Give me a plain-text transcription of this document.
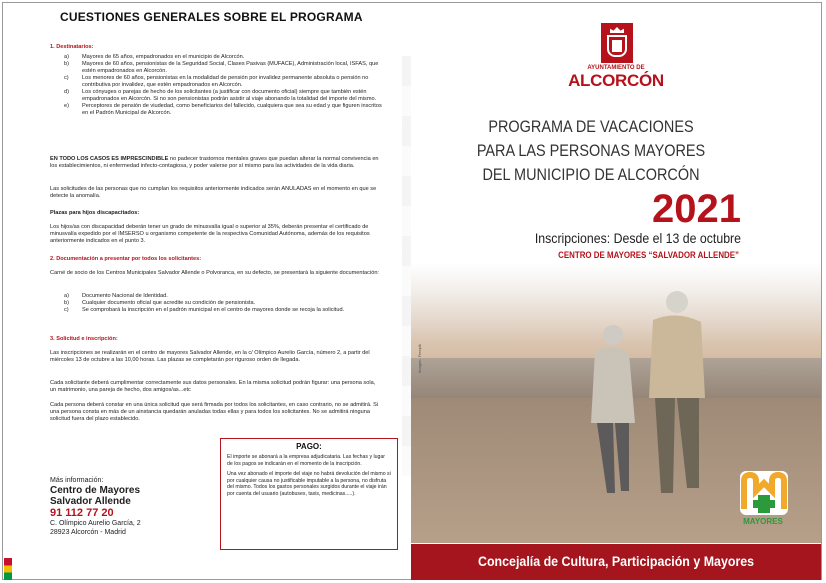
CUESTIONES GENERALES SOBRE EL PROGRAMA
1. Destinatarios:
a)	Mayores de 65 años, empadronados en el municipio de Alcorcón.
b)	Mayores de 60 años, pensionistas de la Seguridad Social, Clases Pasivas (MUFACE), Administración local, ISFAS, que estén empadronados en Alcorcón.
c)	Los menores de 60 años, pensionistas en la modalidad de pensión por invalidez permanente absoluta o pensión no contributiva por invalidez, que estén empadronados en Alcorcón.
d)	Los cónyuges o parejas de hecho de los solicitantes (a justificar con documento oficial) siempre que también estén empadronados en Alcorcón. Si no son pensionistas podrán asistir al viaje abonando la totalidad del importe del mismo.
e)	Perceptores de pensión de viudedad, como beneficiarios del fallecido, cualquiera que sea su edad y que figuren inscritos en el Padrón Municipal de Alcorcón.
EN TODO LOS CASOS ES IMPRESCINDIBLE no padecer trastornos mentales graves que puedan alterar la normal convivencia en los establecimientos, ni enfermedad infecto-contagiosa, y poder valerse por sí mismo para las actividades de la vida diaria.
Las solicitudes de las personas que no cumplan los requisitos anteriormente indicados serán ANULADAS en el momento en que se detecte la anomalía.
Plazas para hijos discapacitados:
Los hijos/as con discapacidad deberán tener un grado de minusvalía igual o superior al 35%, deberán presentar el certificado de minusvalía expedido por el IMSERSO u organismo competente de la respectiva Comunidad Autónoma, además de los requisitos anteriormente indicados en el punto 3.
2. Documentación a presentar por todos los solicitantes:
Carné de socio de los Centros Municipales Salvador Allende o Polvoranca, en su defecto, se presentará la siguiente documentación:
a)	Documento Nacional de Identidad.
b)	Cualquier documento oficial que acredite su condición de pensionista.
c)	Se comprobará la inscripción en el padrón municipal en el centro de mayores donde se recoja la solicitud.
3. Solicitud e inscripción:
Las inscripciones se realizarán en el centro de mayores Salvador Allende, en la c/ Olímpico Aurelio García, número 2, a partir del miércoles 13 de octubre a las 10,00 horas. Las plazas se completarán por riguroso orden de llegada.
Cada solicitante deberá cumplimentar correctamente sus datos personales. En la misma solicitud podrán figurar: una persona sola, un matrimonio, una pareja de hecho, dos amigos/as...etc
Cada persona deberá constar en una única solicitud que será firmada por todos los solicitantes, en caso contrario, no se admitirá. Si una persona consta en más de un ainstancia quedarán anuladas todas ellas y para todos los solicitantes. No se admitirá ninguna solicitud fuera del plazo establecido.
Más información:
Centro de Mayores
Salvador Allende
91 112 77 20
C. Olímpico Aurelio García, 2
28923 Alcorcón - Madrid
PAGO:

El importe se abonará a la empresa adjudicataria. Las fechas y lugar de los pagos se indicarán en el momento de la inscripción.

Una vez abonado el importe del viaje no habrá devolución del mismo si por cualquier causa no justificable imputable a la persona, no disfruta del mismo. Todos los gastos personales surgidos durante el viaje irán por cuenta del usuario (autobuses, taxis, medicinas.....).

Imagen: Freepik
AYUNTAMIENTO DE
ALCORCÓN
PROGRAMA DE VACACIONES
PARA LAS PERSONAS MAYORES
DEL MUNICIPIO DE ALCORCÓN
2021
Inscripciones: Desde el 13 de octubre
CENTRO DE MAYORES “SALVADOR ALLENDE”
MAYORES
Concejalía de Cultura, Participación y Mayores
